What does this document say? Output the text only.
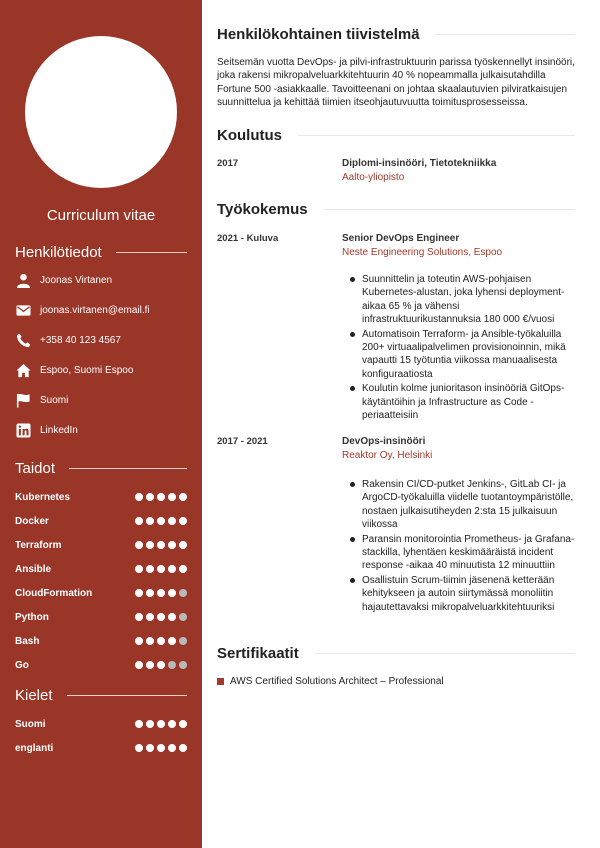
Curriculum vitae
Henkilötiedot
Joonas Virtanen
joonas.virtanen@email.fi
+358 40 123 4567
Espoo, Suomi Espoo
Suomi
LinkedIn
Taidot
Kubernetes
Docker
Terraform
Ansible
CloudFormation
Python
Bash
Go
Kielet
Suomi
englanti
Henkilökohtainen tiivistelmä
Seitsemän vuotta DevOps- ja pilvi-infrastruktuurin parissa työskennellyt insinööri, joka rakensi mikropalveluarkkitehtuurin 40 % nopeammalla julkaisutahdilla Fortune 500 -asiakkaalle. Tavoitteenani on johtaa skaalautuvien pilviratkaisujen suunnittelua ja kehittää tiimien itseohjautuvuutta toimitusprosesseissa.
Koulutus
2017	Diplomi-insinööri, Tietotekniikka
Aalto-yliopisto
Työkokemus
2021 - Kuluva	Senior DevOps Engineer
Neste Engineering Solutions, Espoo
Suunnittelin ja toteutin AWS-pohjaisen Kubernetes-alustan, joka lyhensi deployment-aikaa 65 % ja vähensi infrastruktuurikustannuksia 180 000 €/vuosi
Automatisoin Terraform- ja Ansible-työkaluilla 200+ virtuaalipalvelimen provisionoinnin, mikä vapautti 15 työtuntia viikossa manuaalisesta konfiguraatiosta
Koulutin kolme junioritason insinööriä GitOps-käytäntöihin ja Infrastructure as Code -periaatteisiin
2017 - 2021	DevOps-insinööri
Reaktor Oy, Helsinki
Rakensin CI/CD-putket Jenkins-, GitLab CI- ja ArgoCD-työkaluilla viidelle tuotantoympäristölle, nostaen julkaisutiheyden 2:sta 15 julkaisuun viikossa
Paransin monitorointia Prometheus- ja Grafana-stackilla, lyhentäen keskimääräistä incident response -aikaa 40 minuutista 12 minuuttiin
Osallistuin Scrum-tiimin jäsenenä ketterään kehitykseen ja autoin siirtymässä monoliitin hajautettavaksi mikropalveluarkkitehtuuriksi
Sertifikaatit
AWS Certified Solutions Architect – Professional
